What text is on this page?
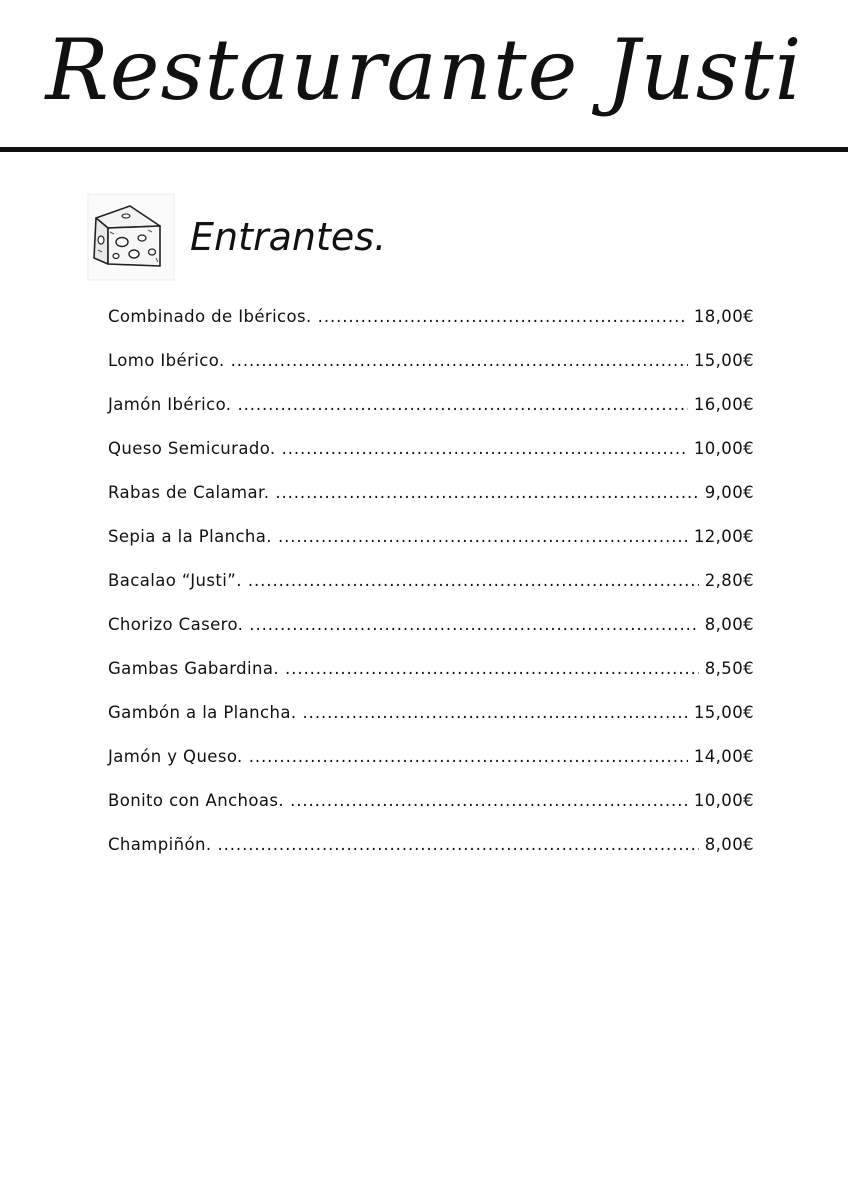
Restaurante Justi
Entrantes.
Combinado de Ibéricos. .....	18,00€
Lomo Ibérico. .....	15,00€
Jamón Ibérico. .....	16,00€
Queso Semicurado. .....	10,00€
Rabas de Calamar. .....	9,00€
Sepia a la Plancha. .....	12,00€
Bacalao “Justi”. .....	2,80€
Chorizo Casero. .....	8,00€
Gambas Gabardina. .....	8,50€
Gambón a la Plancha. .....	15,00€
Jamón y Queso. .....	14,00€
Bonito con Anchoas. .....	10,00€
Champiñón. .....	8,00€
